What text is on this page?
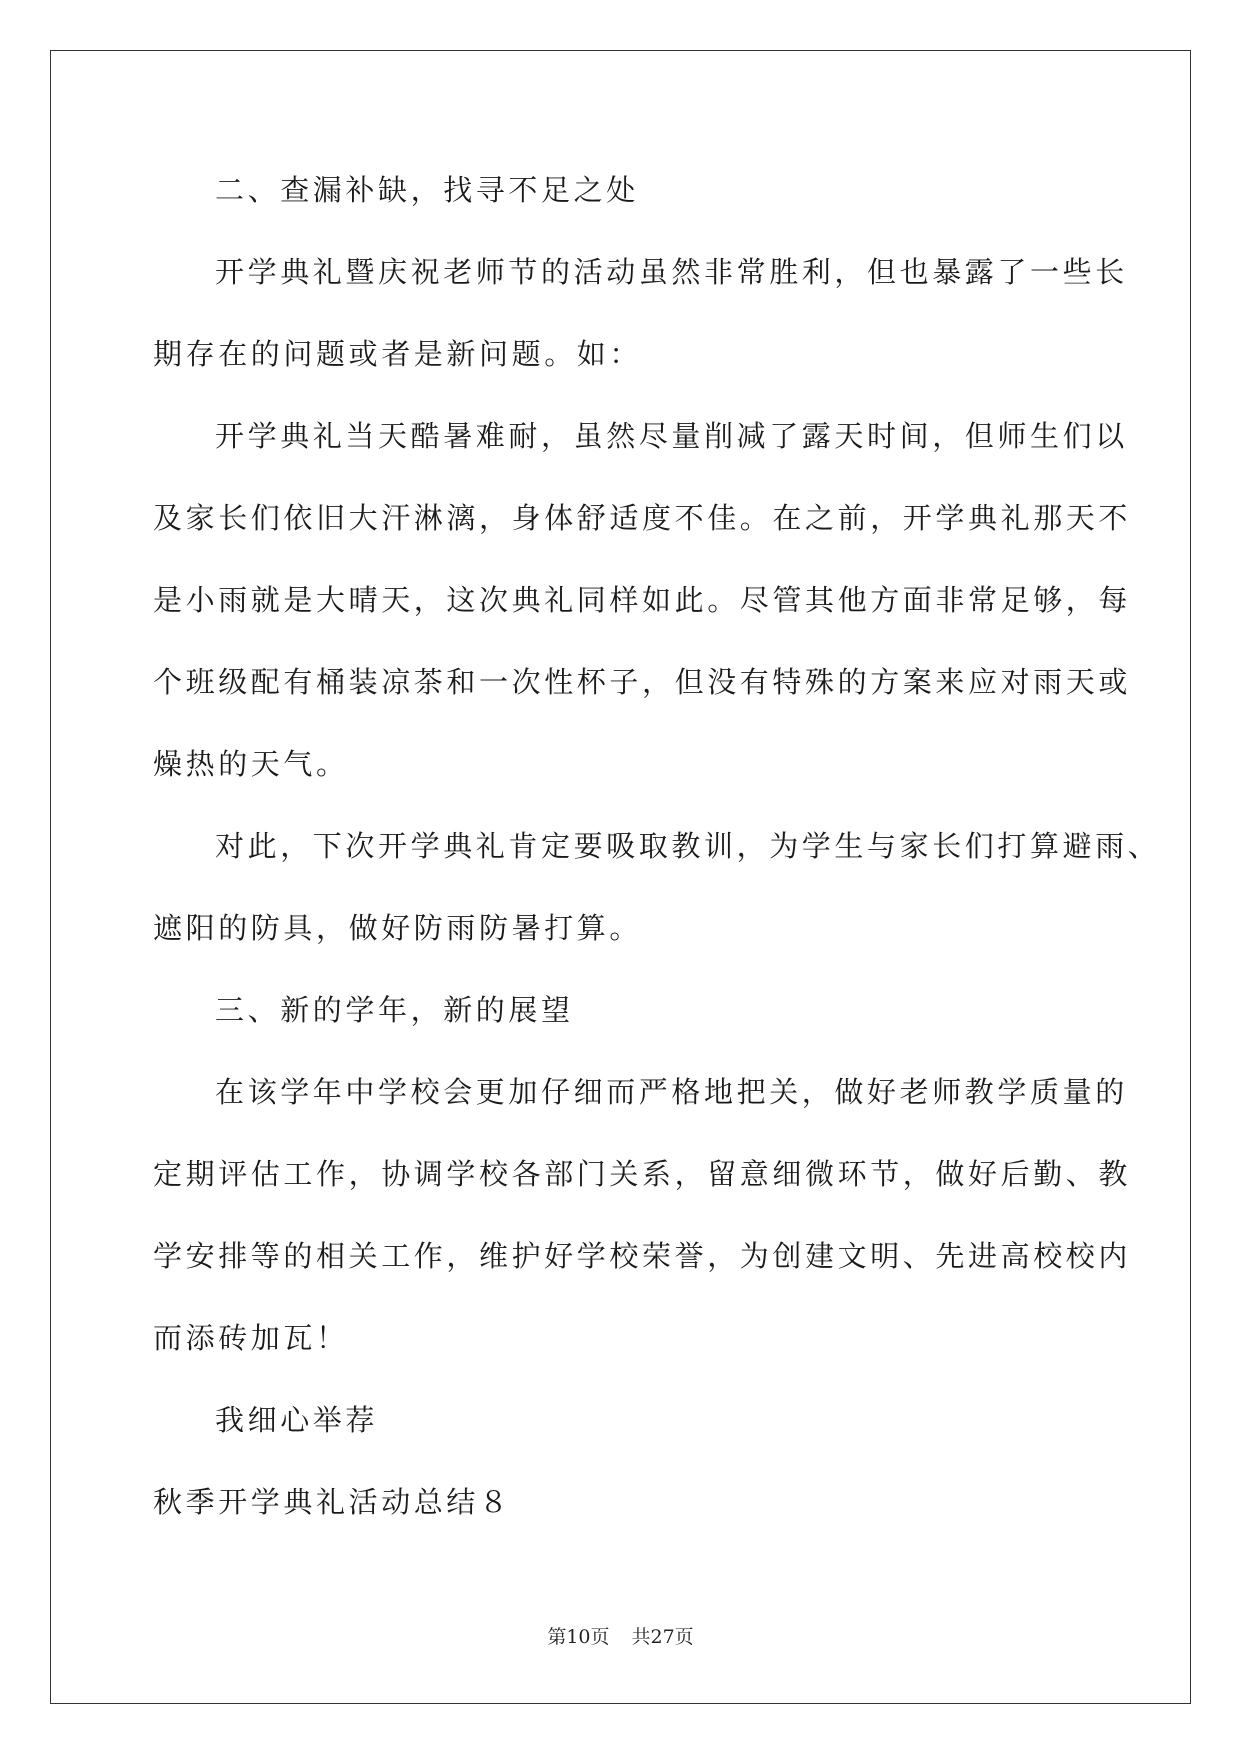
二、查漏补缺，找寻不足之处
开学典礼暨庆祝老师节的活动虽然非常胜利，但也暴露了一些长
期存在的问题或者是新问题。如：
开学典礼当天酷暑难耐，虽然尽量削减了露天时间，但师生们以
及家长们依旧大汗淋漓，身体舒适度不佳。在之前，开学典礼那天不
是小雨就是大晴天，这次典礼同样如此。尽管其他方面非常足够，每
个班级配有桶装凉茶和一次性杯子，但没有特殊的方案来应对雨天或
燥热的天气。
对此，下次开学典礼肯定要吸取教训，为学生与家长们打算避雨、
遮阳的防具，做好防雨防暑打算。
三、新的学年，新的展望
在该学年中学校会更加仔细而严格地把关，做好老师教学质量的
定期评估工作，协调学校各部门关系，留意细微环节，做好后勤、教
学安排等的相关工作，维护好学校荣誉，为创建文明、先进高校校内
而添砖加瓦！
我细心举荐
秋季开学典礼活动总结８
第10页 共27页
